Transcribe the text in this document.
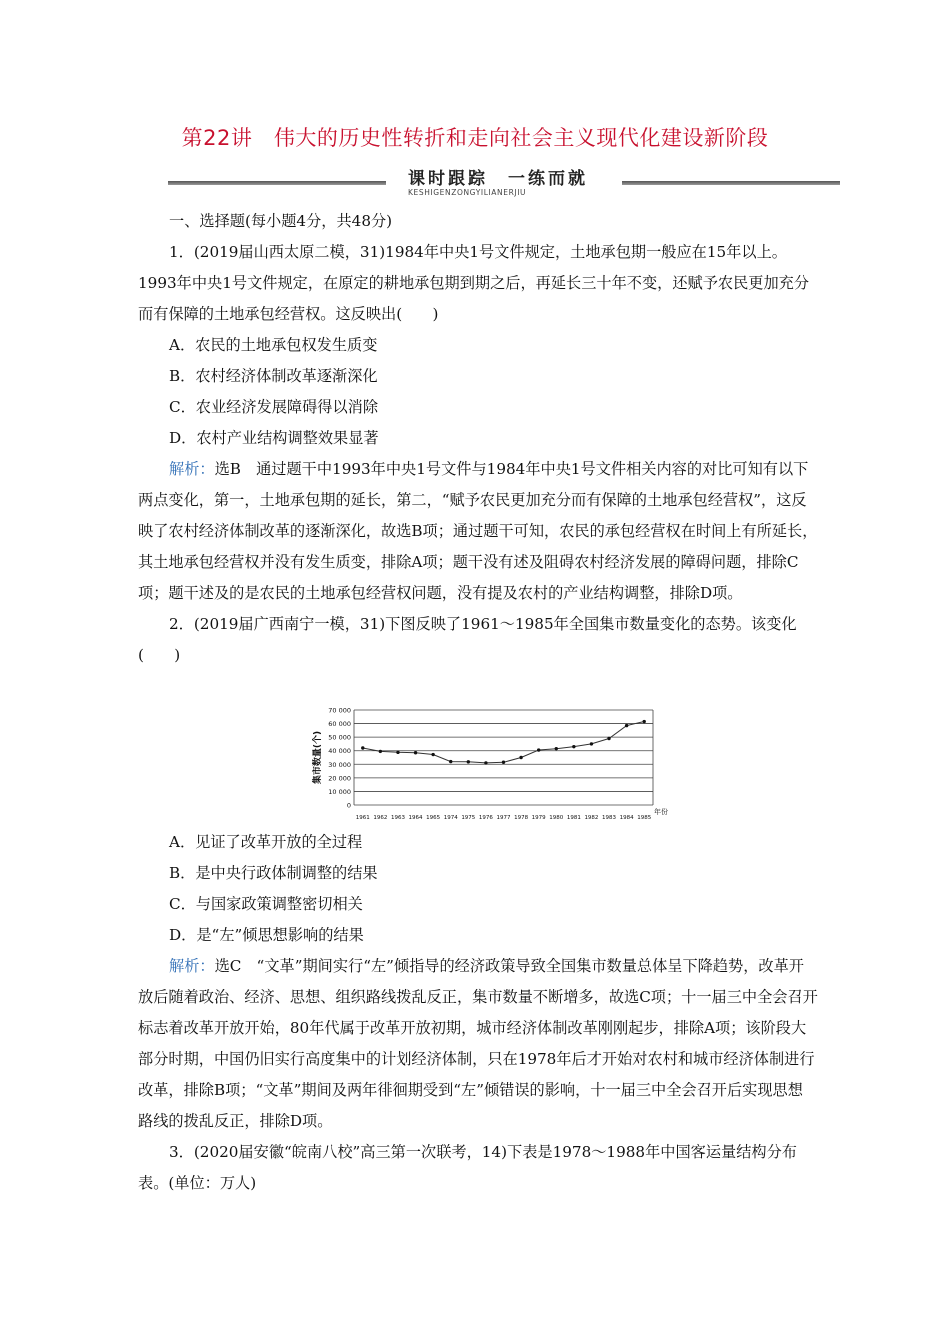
第22讲　伟大的历史性转折和走向社会主义现代化建设新阶段
课时跟踪　一练而就
KESHIGENZONGYILIANERJIU

一、选择题(每小题4分，共48分)

1．(2019届山西太原二模，31)1984年中央1号文件规定，土地承包期一般应在15年以上。1993年中央1号文件规定，在原定的耕地承包期到期之后，再延长三十年不变，还赋予农民更加充分而有保障的土地承包经营权。这反映出(　　)

A．农民的土地承包权发生质变

B．农村经济体制改革逐渐深化

C．农业经济发展障碍得以消除

D．农村产业结构调整效果显著

解析：选B　通过题干中1993年中央1号文件与1984年中央1号文件相关内容的对比可知有以下两点变化，第一，土地承包期的延长，第二，“赋予农民更加充分而有保障的土地承包经营权”，这反映了农村经济体制改革的逐渐深化，故选B项；通过题干可知，农民的承包经营权在时间上有所延长，其土地承包经营权并没有发生质变，排除A项；题干没有述及阻碍农村经济发展的障碍问题，排除C项；题干述及的是农民的土地承包经营权问题，没有提及农村的产业结构调整，排除D项。

2．(2019届广西南宁一模，31)下图反映了1961～1985年全国集市数量变化的态势。该变化(　　)

0
10 000
20 000
30 000
40 000
50 000
60 000
70 000
1961 1962 1963 1964 1965 1974 1975 1976 1977 1978 1979 1980 1981 1982 1983 1984 1985
集市数量(个)
年份

A．见证了改革开放的全过程

B．是中央行政体制调整的结果

C．与国家政策调整密切相关

D．是“左”倾思想影响的结果

解析：选C　“文革”期间实行“左”倾指导的经济政策导致全国集市数量总体呈下降趋势，改革开放后随着政治、经济、思想、组织路线拨乱反正，集市数量不断增多，故选C项；十一届三中全会召开标志着改革开放开始，80年代属于改革开放初期，城市经济体制改革刚刚起步，排除A项；该阶段大部分时期，中国仍旧实行高度集中的计划经济体制，只在1978年后才开始对农村和城市经济体制进行改革，排除B项；“文革”期间及两年徘徊期受到“左”倾错误的影响，十一届三中全会召开后实现思想路线的拨乱反正，排除D项。

3．(2020届安徽“皖南八校”高三第一次联考，14)下表是1978～1988年中国客运量结构分布表。(单位：万人)
